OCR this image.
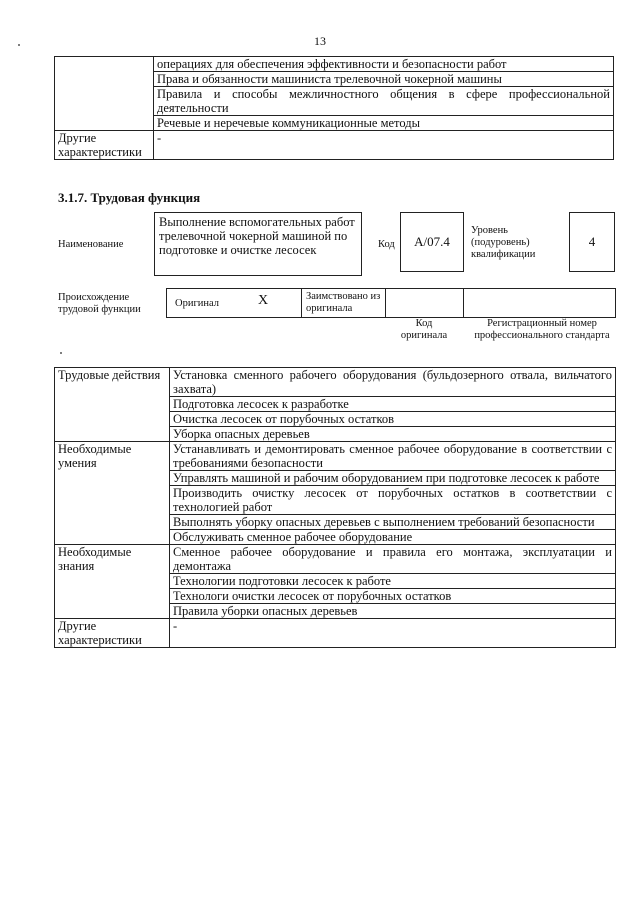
13
	операциях для обеспечения эффективности и безопасности работ
	Права и обязанности машиниста трелевочной чокерной машины
	Правила и способы межличностного общения в сфере профессиональной деятельности
	Речевые и неречевые коммуникационные методы
Другие характеристики	-
3.1.7. Трудовая функция
Наименование
Выполнение вспомогательных работ трелевочной чокерной машиной по подготовке и очистке лесосек	Код	А/07.4
Уровень (подуровень) квалификации
4
Происхождение трудовой функции
Оригинал	X	Заимствовано из оригинала
Код оригинала
Регистрационный номер профессионального стандарта
Трудовые действия	Установка сменного рабочего оборудования (бульдозерного отвала, вильчатого захвата)
	Подготовка лесосек к разработке
	Очистка лесосек от порубочных остатков
	Уборка опасных деревьев
Необходимые умения	Устанавливать и демонтировать сменное рабочее оборудование в соответствии с требованиями безопасности
	Управлять машиной и рабочим оборудованием при подготовке лесосек к работе
	Производить очистку лесосек от порубочных остатков в соответствии с технологией работ
	Выполнять уборку опасных деревьев с выполнением требований безопасности
	Обслуживать сменное рабочее оборудование
Необходимые знания	Сменное рабочее оборудование и правила его монтажа, эксплуатации и демонтажа
	Технологии подготовки лесосек к работе
	Технологи очистки лесосек от порубочных остатков
	Правила уборки опасных деревьев
Другие характеристики	-
